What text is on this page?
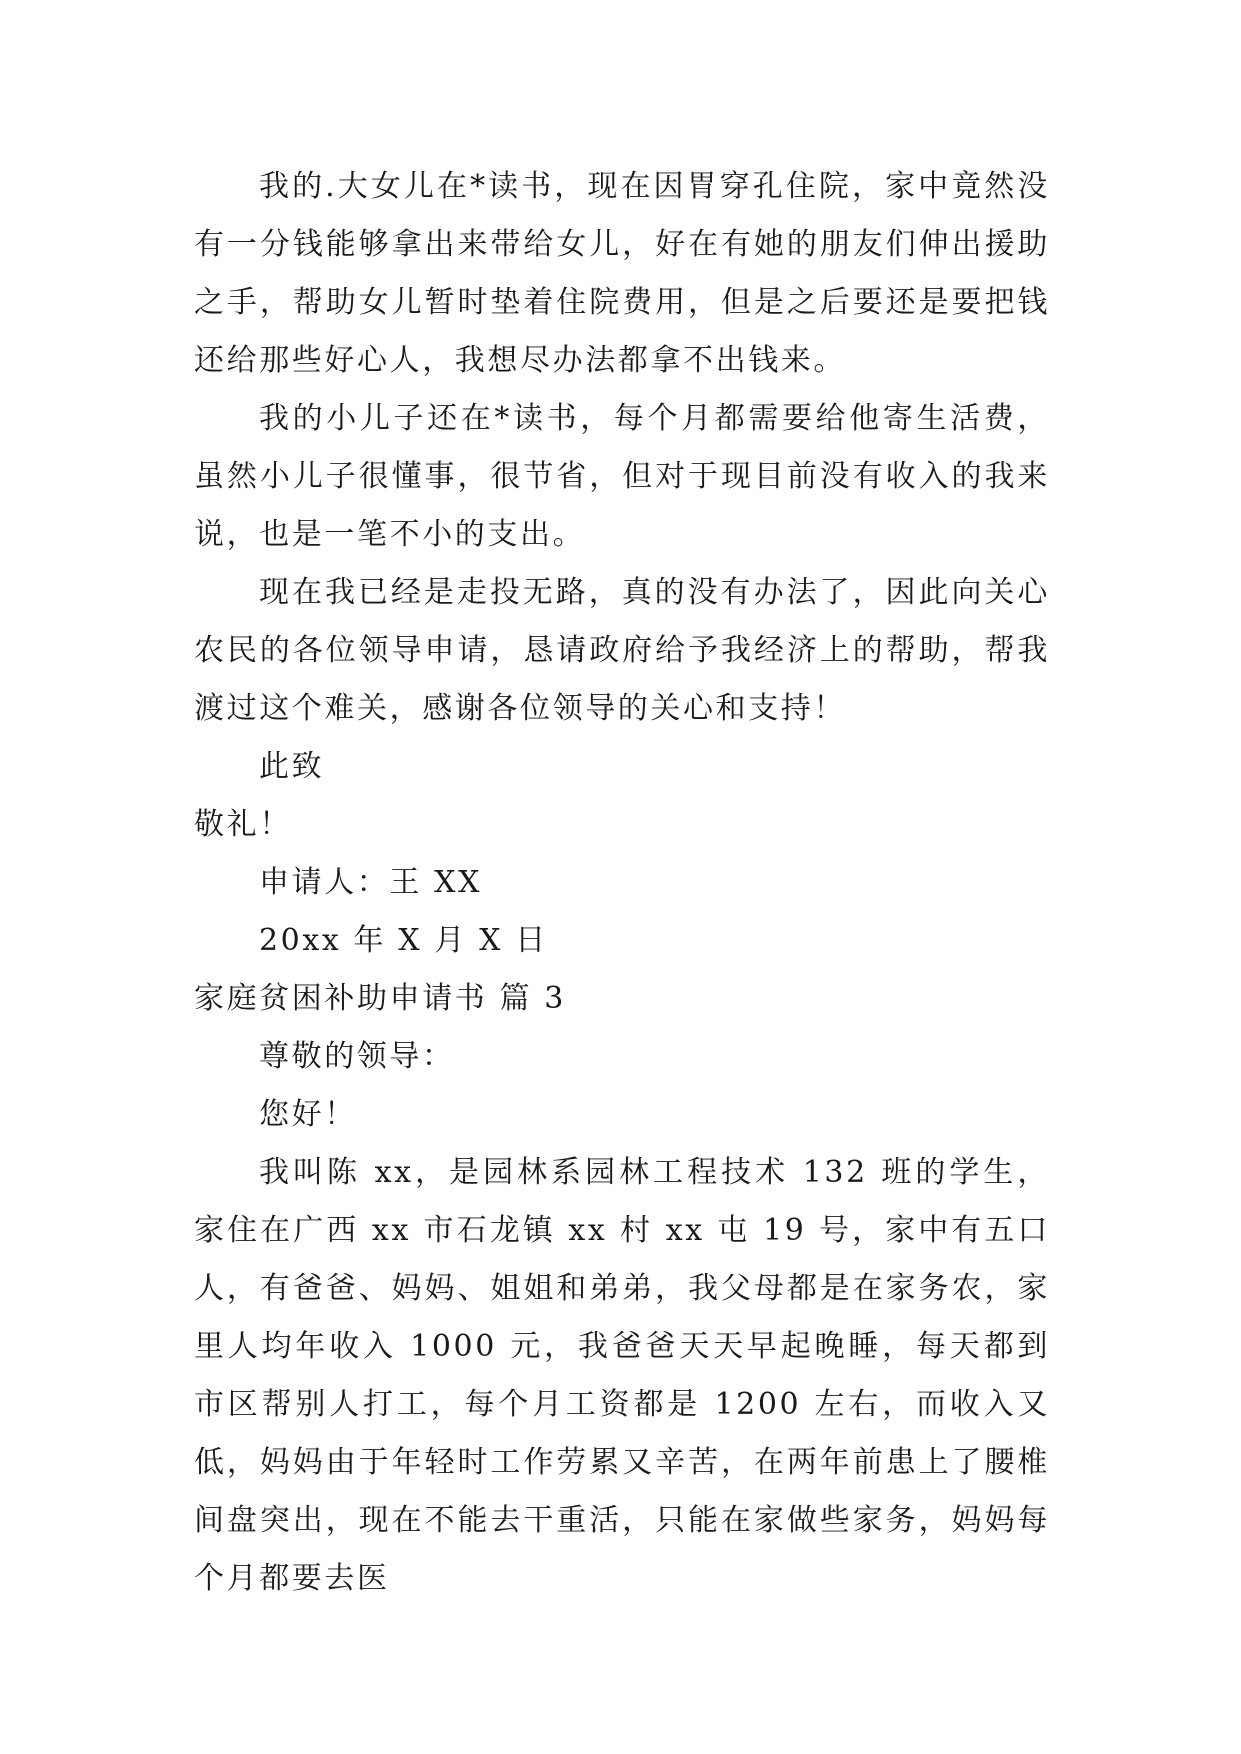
我的.大女儿在*读书，现在因胃穿孔住院，家中竟然没有一分钱能够拿出来带给女儿，好在有她的朋友们伸出援助之手，帮助女儿暂时垫着住院费用，但是之后要还是要把钱还给那些好心人，我想尽办法都拿不出钱来。

我的小儿子还在*读书，每个月都需要给他寄生活费，虽然小儿子很懂事，很节省，但对于现目前没有收入的我来说，也是一笔不小的支出。

现在我已经是走投无路，真的没有办法了，因此向关心农民的各位领导申请，恳请政府给予我经济上的帮助，帮我渡过这个难关，感谢各位领导的关心和支持！

此致

敬礼！

申请人：王 XX

20xx 年 X 月 X 日

家庭贫困补助申请书 篇 3

尊敬的领导：

您好！

我叫陈 xx，是园林系园林工程技术 132 班的学生，家住在广西 xx 市石龙镇 xx 村 xx 屯 19 号，家中有五口人，有爸爸、妈妈、姐姐和弟弟，我父母都是在家务农，家里人均年收入 1000 元，我爸爸天天早起晚睡，每天都到市区帮别人打工，每个月工资都是 1200 左右，而收入又低，妈妈由于年轻时工作劳累又辛苦，在两年前患上了腰椎间盘突出，现在不能去干重活，只能在家做些家务，妈妈每个月都要去医
